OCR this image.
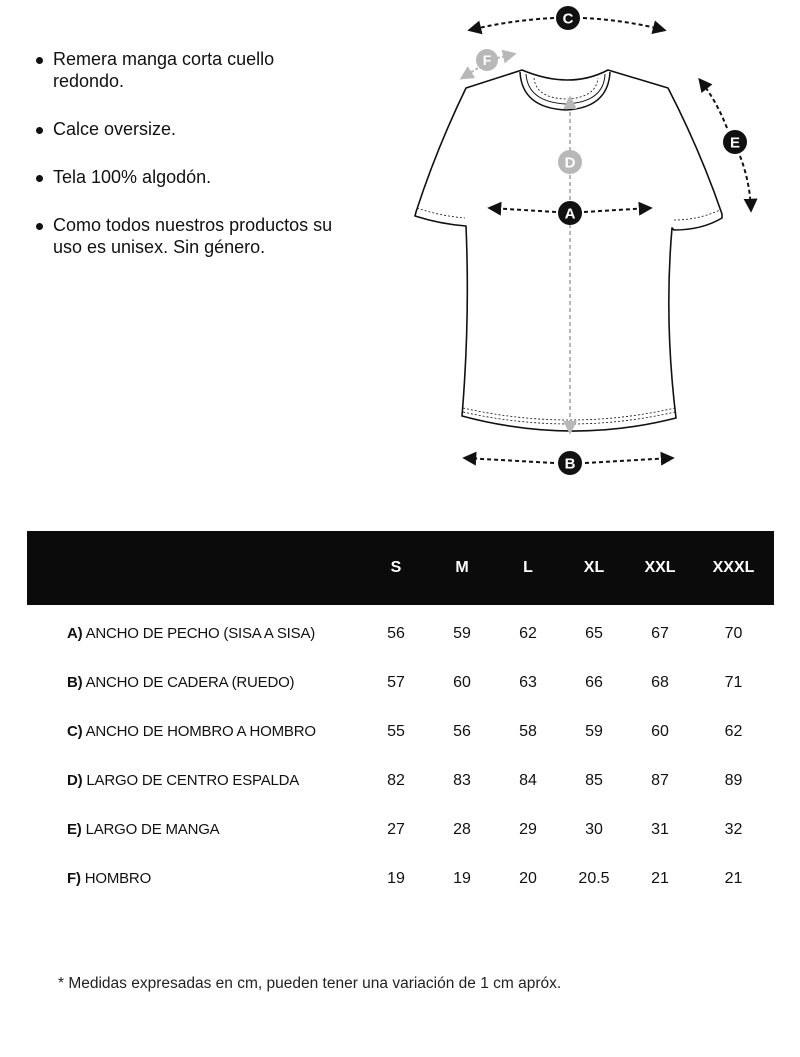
Remera manga corta cuello redondo.
Calce oversize.
Tela 100% algodón.
Como todos nuestros productos su uso es unisex. Sin género.
A
B
C
D
E
F
	S	M	L	XL	XXL	XXXL
A) ANCHO DE PECHO (SISA A SISA)	56	59	62	65	67	70
B) ANCHO DE CADERA (RUEDO)	57	60	63	66	68	71
C) ANCHO DE HOMBRO A HOMBRO	55	56	58	59	60	62
D) LARGO DE CENTRO ESPALDA	82	83	84	85	87	89
E) LARGO DE MANGA	27	28	29	30	31	32
F) HOMBRO	19	19	20	20.5	21	21
* Medidas expresadas en cm, pueden tener una variación de 1 cm apróx.
